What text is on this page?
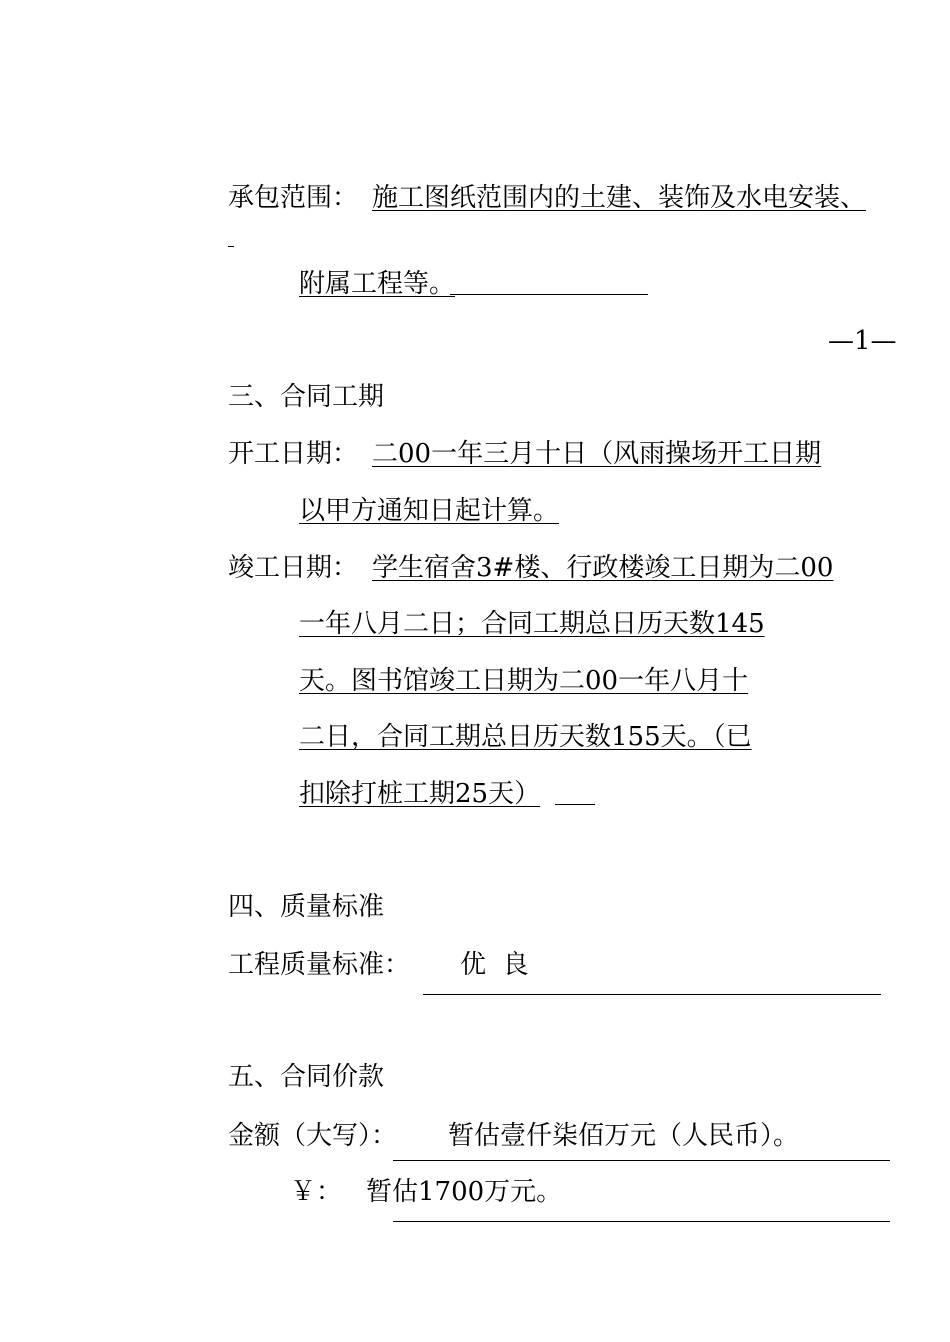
承包范围： 施工图纸范围内的土建、装饰及水电安装、
附属工程等。
—1—
三、合同工期
开工日期： 二00一年三月十日（风雨操场开工日期
以甲方通知日起计算。
竣工日期： 学生宿舍3#楼、行政楼竣工日期为二00
一年八月二日；合同工期总日历天数145
天。图书馆竣工日期为二00一年八月十
二日，合同工期总日历天数155天。（已
扣除打桩工期25天）
四、质量标准
工程质量标准： 优  良
五、合同价款
金额（大写）： 暂估壹仟柒佰万元（人民币）。
￥： 暂估1700万元。
